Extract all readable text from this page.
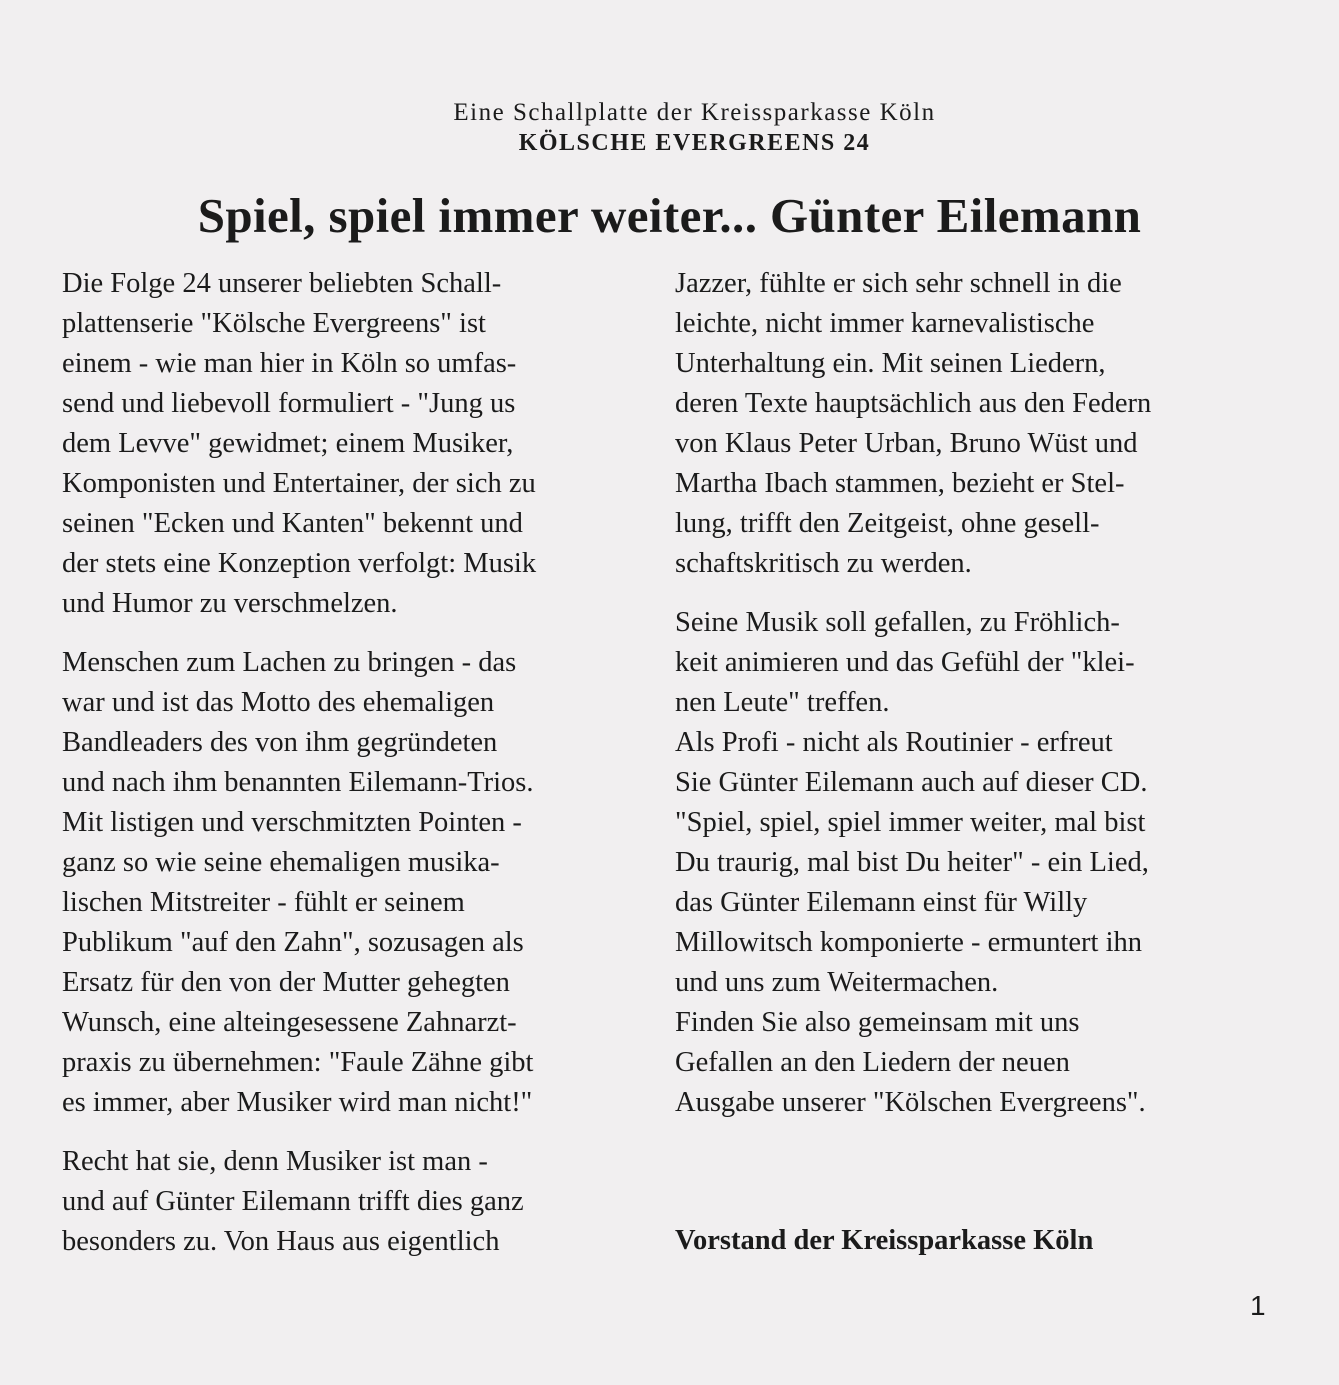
Eine Schallplatte der Kreissparkasse Köln
KÖLSCHE EVERGREENS 24
Spiel, spiel immer weiter... Günter Eilemann

Die Folge 24 unserer beliebten Schall-
plattenserie "Kölsche Evergreens" ist
einem - wie man hier in Köln so umfas-
send und liebevoll formuliert - "Jung us
dem Levve" gewidmet; einem Musiker,
Komponisten und Entertainer, der sich zu
seinen "Ecken und Kanten" bekennt und
der stets eine Konzeption verfolgt: Musik
und Humor zu verschmelzen.

Menschen zum Lachen zu bringen - das
war und ist das Motto des ehemaligen
Bandleaders des von ihm gegründeten
und nach ihm benannten Eilemann-Trios.
Mit listigen und verschmitzten Pointen -
ganz so wie seine ehemaligen musika-
lischen Mitstreiter - fühlt er seinem
Publikum "auf den Zahn", sozusagen als
Ersatz für den von der Mutter gehegten
Wunsch, eine alteingesessene Zahnarzt-
praxis zu übernehmen: "Faule Zähne gibt
es immer, aber Musiker wird man nicht!"

Recht hat sie, denn Musiker ist man -
und auf Günter Eilemann trifft dies ganz
besonders zu. Von Haus aus eigentlich

Jazzer, fühlte er sich sehr schnell in die
leichte, nicht immer karnevalistische
Unterhaltung ein. Mit seinen Liedern,
deren Texte hauptsächlich aus den Federn
von Klaus Peter Urban, Bruno Wüst und
Martha Ibach stammen, bezieht er Stel-
lung, trifft den Zeitgeist, ohne gesell-
schaftskritisch zu werden.

Seine Musik soll gefallen, zu Fröhlich-
keit animieren und das Gefühl der "klei-
nen Leute" treffen.
Als Profi - nicht als Routinier - erfreut
Sie Günter Eilemann auch auf dieser CD.
"Spiel, spiel, spiel immer weiter, mal bist
Du traurig, mal bist Du heiter" - ein Lied,
das Günter Eilemann einst für Willy
Millowitsch komponierte - ermuntert ihn
und uns zum Weitermachen.
Finden Sie also gemeinsam mit uns
Gefallen an den Liedern der neuen
Ausgabe unserer "Kölschen Evergreens".

Vorstand der Kreissparkasse Köln

1
